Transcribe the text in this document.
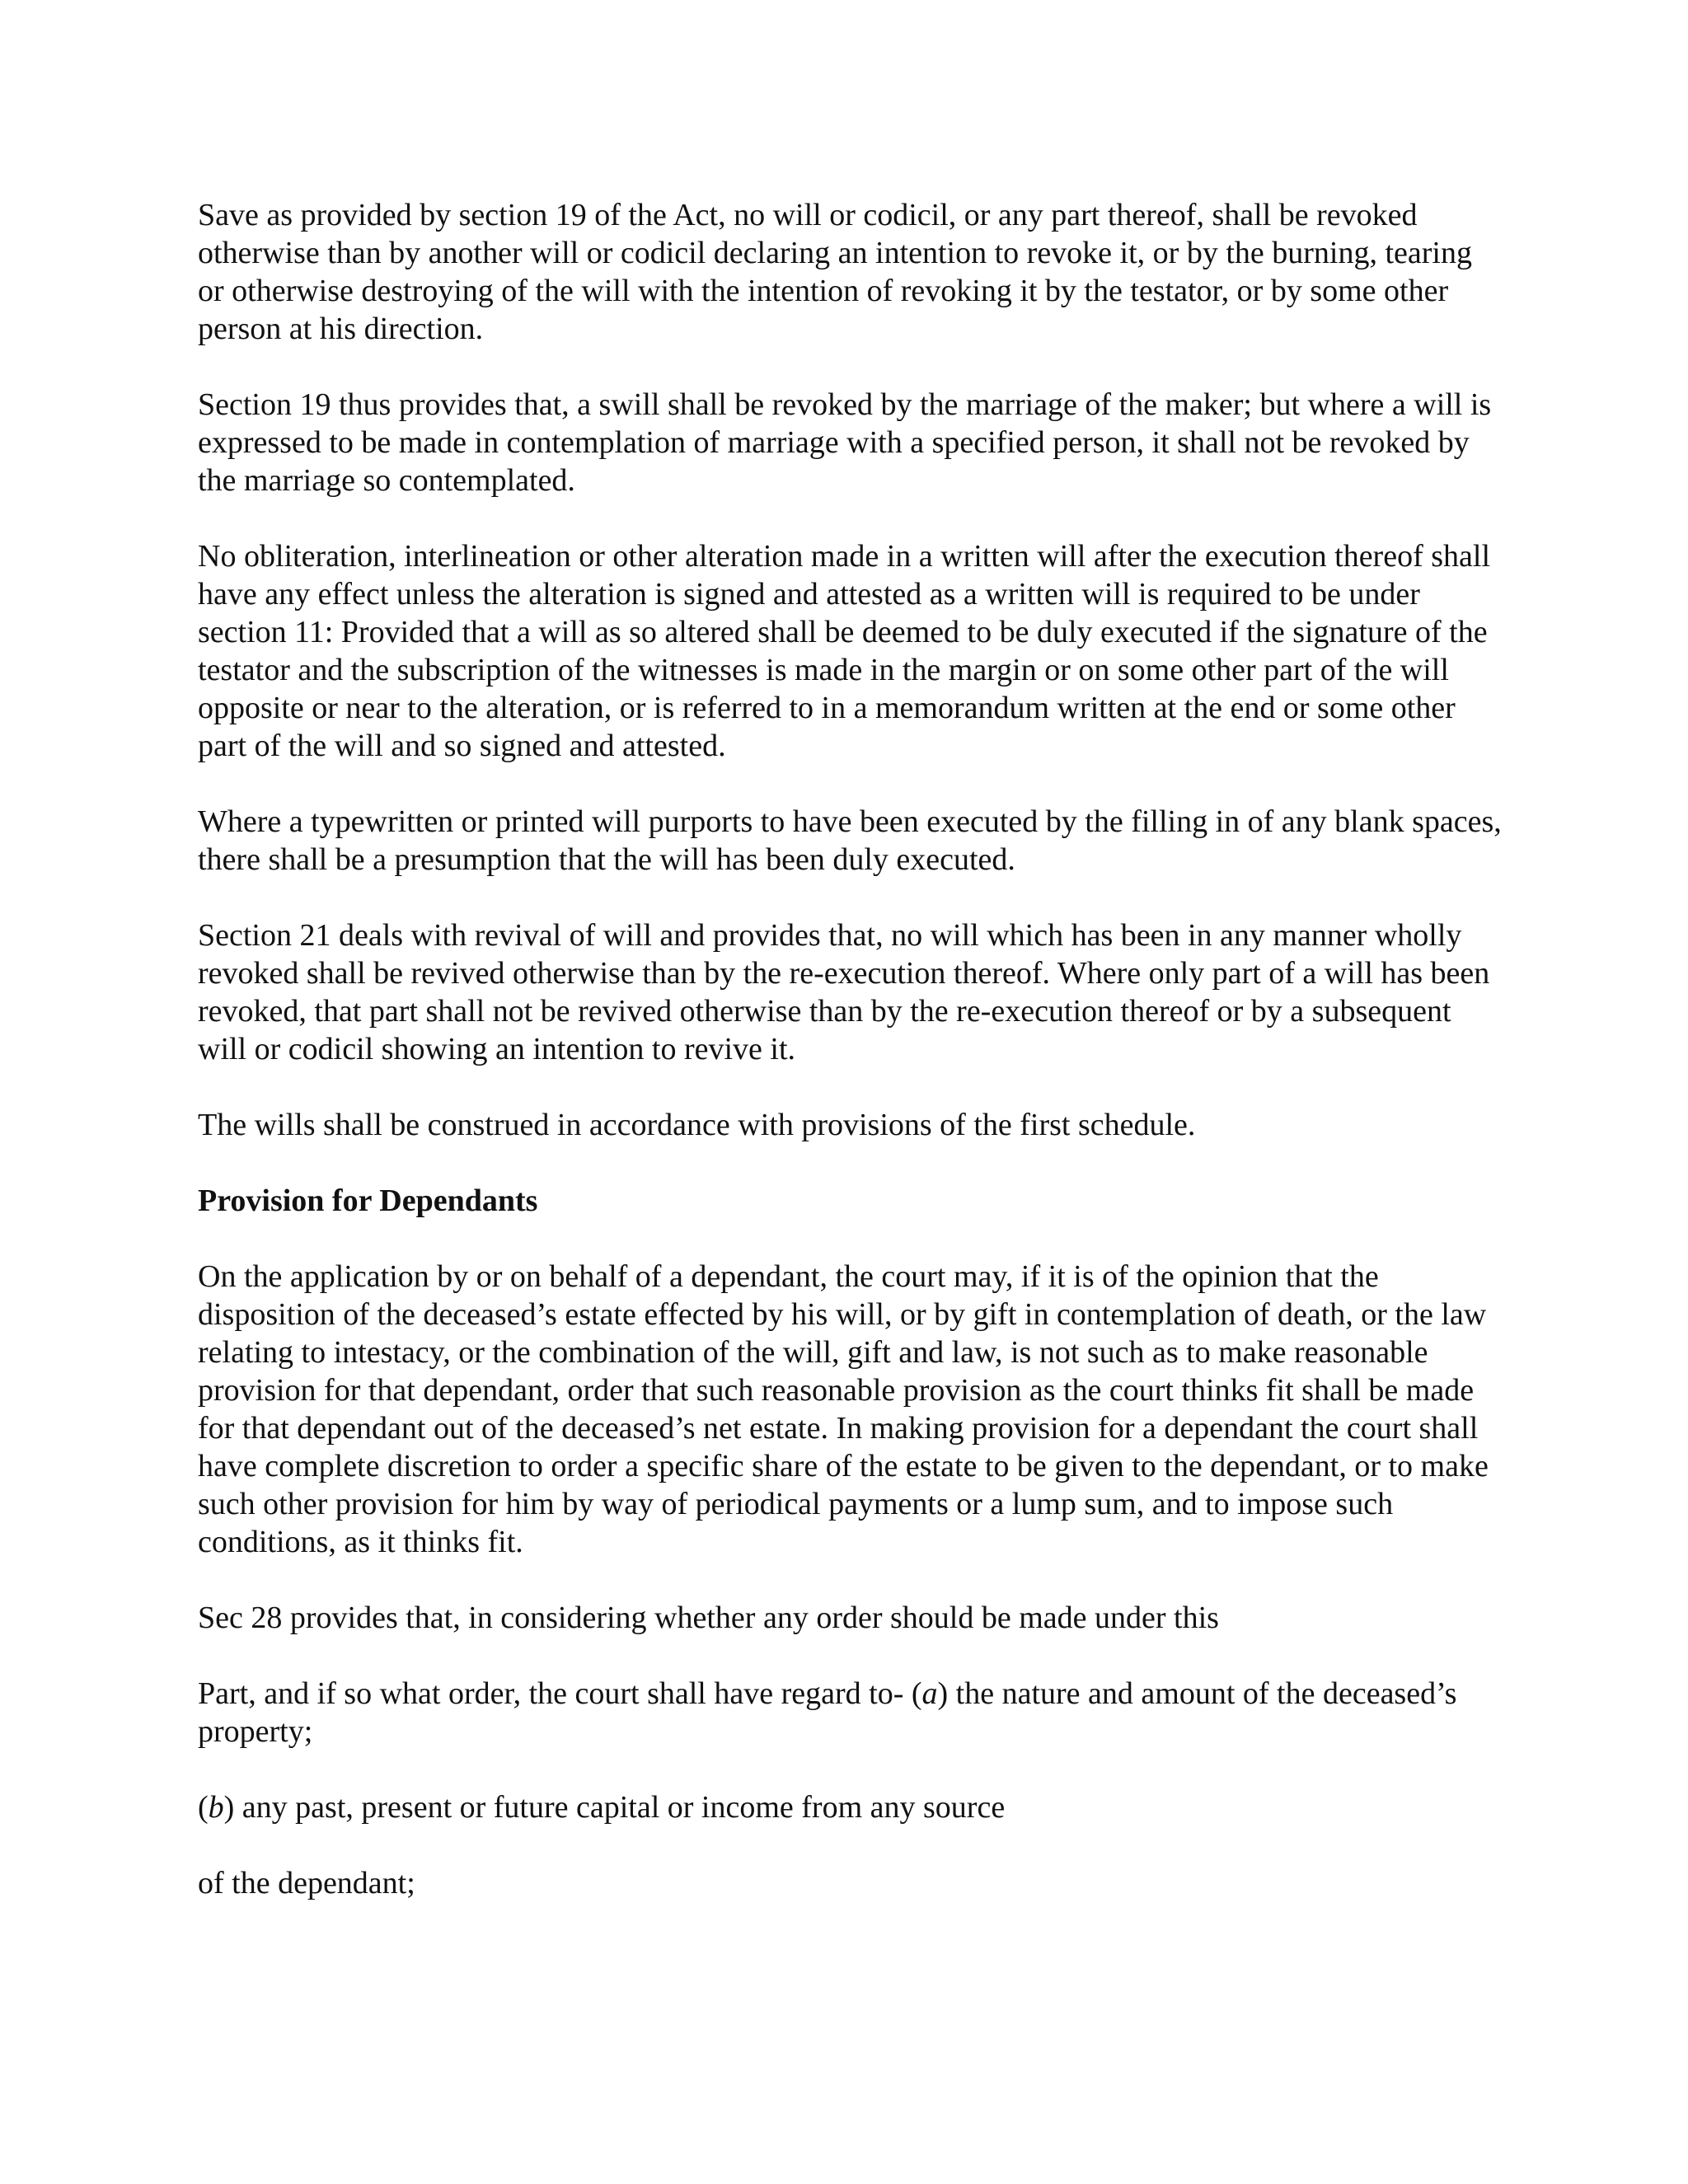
Save as provided by section 19 of the Act, no will or codicil, or any part thereof, shall be revoked otherwise than by another will or codicil declaring an intention to revoke it, or by the burning, tearing or otherwise destroying of the will with the intention of revoking it by the testator, or by some other person at his direction.

Section 19 thus provides that, a swill shall be revoked by the marriage of the maker; but where a will is expressed to be made in contemplation of marriage with a specified person, it shall not be revoked by the marriage so contemplated.

No obliteration, interlineation or other alteration made in a written will after the execution thereof shall have any effect unless the alteration is signed and attested as a written will is required to be under section 11: Provided that a will as so altered shall be deemed to be duly executed if the signature of the testator and the subscription of the witnesses is made in the margin or on some other part of the will opposite or near to the alteration, or is referred to in a memorandum written at the end or some other part of the will and so signed and attested.

Where a typewritten or printed will purports to have been executed by the filling in of any blank spaces, there shall be a presumption that the will has been duly executed.

Section 21 deals with revival of will and provides that, no will which has been in any manner wholly revoked shall be revived otherwise than by the re-execution thereof. Where only part of a will has been revoked, that part shall not be revived otherwise than by the re-execution thereof or by a subsequent will or codicil showing an intention to revive it.

The wills shall be construed in accordance with provisions of the first schedule.

Provision for Dependants

On the application by or on behalf of a dependant, the court may, if it is of the opinion that the disposition of the deceased’s estate effected by his will, or by gift in contemplation of death, or the law relating to intestacy, or the combination of the will, gift and law, is not such as to make reasonable provision for that dependant, order that such reasonable provision as the court thinks fit shall be made for that dependant out of the deceased’s net estate. In making provision for a dependant the court shall have complete discretion to order a specific share of the estate to be given to the dependant, or to make such other provision for him by way of periodical payments or a lump sum, and to impose such conditions, as it thinks fit.

Sec 28 provides that, in considering whether any order should be made under this

Part, and if so what order, the court shall have regard to- (a) the nature and amount of the deceased’s property;

(b) any past, present or future capital or income from any source

of the dependant;
